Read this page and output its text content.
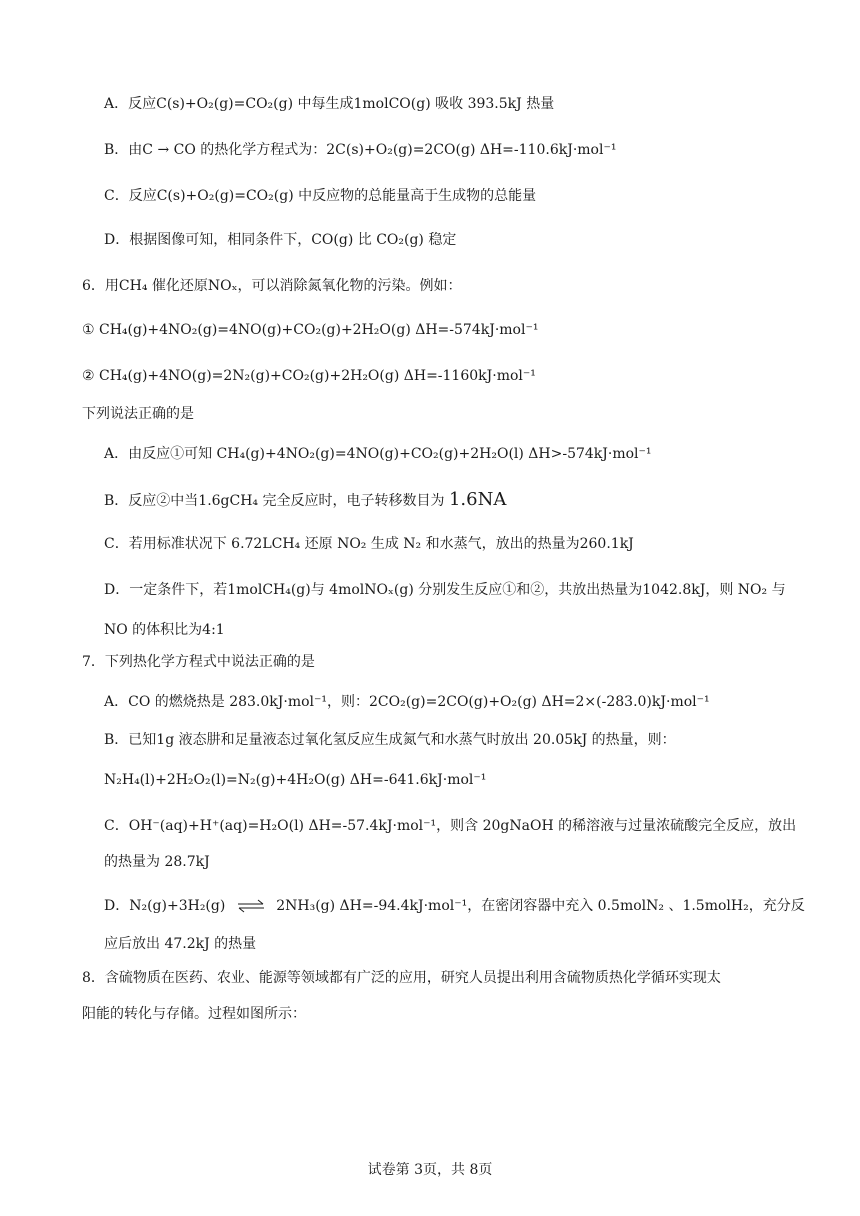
A．反应C(s)+O₂(g)=CO₂(g) 中每生成1molCO(g) 吸收 393.5kJ 热量
B．由C → CO 的热化学方程式为：2C(s)+O₂(g)=2CO(g) ΔH=-110.6kJ·mol⁻¹
C．反应C(s)+O₂(g)=CO₂(g) 中反应物的总能量高于生成物的总能量
D．根据图像可知，相同条件下，CO(g) 比 CO₂(g) 稳定
6．用CH₄ 催化还原NOₓ，可以消除氮氧化物的污染。例如：
① CH₄(g)+4NO₂(g)=4NO(g)+CO₂(g)+2H₂O(g) ΔH=-574kJ·mol⁻¹
② CH₄(g)+4NO(g)=2N₂(g)+CO₂(g)+2H₂O(g) ΔH=-1160kJ·mol⁻¹
下列说法正确的是
A．由反应①可知 CH₄(g)+4NO₂(g)=4NO(g)+CO₂(g)+2H₂O(l) ΔH>-574kJ·mol⁻¹
B．反应②中当1.6gCH₄ 完全反应时，电子转移数目为 1.6NA
C．若用标准状况下 6.72LCH₄ 还原 NO₂ 生成 N₂ 和水蒸气，放出的热量为260.1kJ
D．一定条件下，若1molCH₄(g)与 4molNOₓ(g) 分别发生反应①和②，共放出热量为1042.8kJ，则 NO₂ 与
NO 的体积比为4:1
7．下列热化学方程式中说法正确的是
A．CO 的燃烧热是 283.0kJ·mol⁻¹，则：2CO₂(g)=2CO(g)+O₂(g) ΔH=2×(-283.0)kJ·mol⁻¹
B．已知1g 液态肼和足量液态过氧化氢反应生成氮气和水蒸气时放出 20.05kJ 的热量，则：
N₂H₄(l)+2H₂O₂(l)=N₂(g)+4H₂O(g) ΔH=-641.6kJ·mol⁻¹
C．OH⁻(aq)+H⁺(aq)=H₂O(l) ΔH=-57.4kJ·mol⁻¹，则含 20gNaOH 的稀溶液与过量浓硫酸完全反应，放出
的热量为 28.7kJ
D．N₂(g)+3H₂(g) ⇌ 2NH₃(g) ΔH=-94.4kJ·mol⁻¹，在密闭容器中充入 0.5molN₂ 、1.5molH₂，充分反
应后放出 47.2kJ 的热量
8．含硫物质在医药、农业、能源等领域都有广泛的应用，研究人员提出利用含硫物质热化学循环实现太
阳能的转化与存储。过程如图所示：
试卷第 3页，共 8页
